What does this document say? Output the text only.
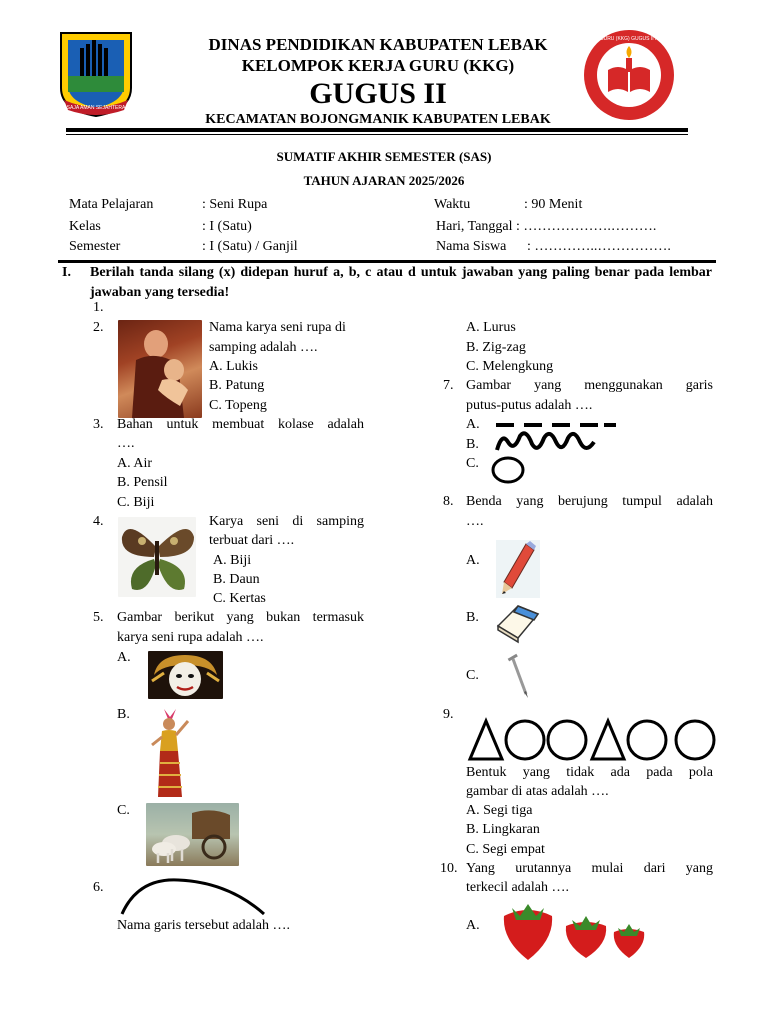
SAJA AMAN SEJAHTERA
DINAS PENDIDIKAN KABUPATEN LEBAK
KELOMPOK KERJA GURU (KKG)
GUGUS II
KECAMATAN BOJONGMANIK KABUPATEN LEBAK
KELOMPOK KERJA GURU (KKG) GUGUS II KEC. BOJONGMANIK
SUMATIF AKHIR SEMESTER (SAS)
TAHUN AJARAN 2025/2026
Mata Pelajaran	: Seni Rupa	Waktu	: 90 Menit
Kelas	: I (Satu)	Hari, Tanggal : ……………….……….
Semester	: I (Satu) / Ganjil	Nama Siswa : …………..…………….
I. Berilah tanda silang (x) didepan huruf a, b, c atau d untuk jawaban yang paling benar pada lembar jawaban yang tersedia!
1.
2.	Nama karya seni rupa di
samping adalah ….
A. Lukis
B. Patung
C. Topeng
3. Bahan untuk membuat kolase adalah
….
A. Air
B. Pensil
C. Biji
4.	Karya seni di samping
terbuat dari ….
A. Biji
B. Daun
C. Kertas
5. Gambar berikut yang bukan termasuk
karya seni rupa adalah ….
A.
B.
C.
6.
Nama garis tersebut adalah ….
A. Lurus
B. Zig-zag
C. Melengkung
7. Gambar yang menggunakan garis
putus-putus adalah ….
A.
B.
C.
8. Benda yang berujung tumpul adalah
….
A.
B.
C.
9.
Bentuk yang tidak ada pada pola
gambar di atas adalah ….
A. Segi tiga
B. Lingkaran
C. Segi empat
10. Yang urutannya mulai dari yang
terkecil adalah ….
A.
